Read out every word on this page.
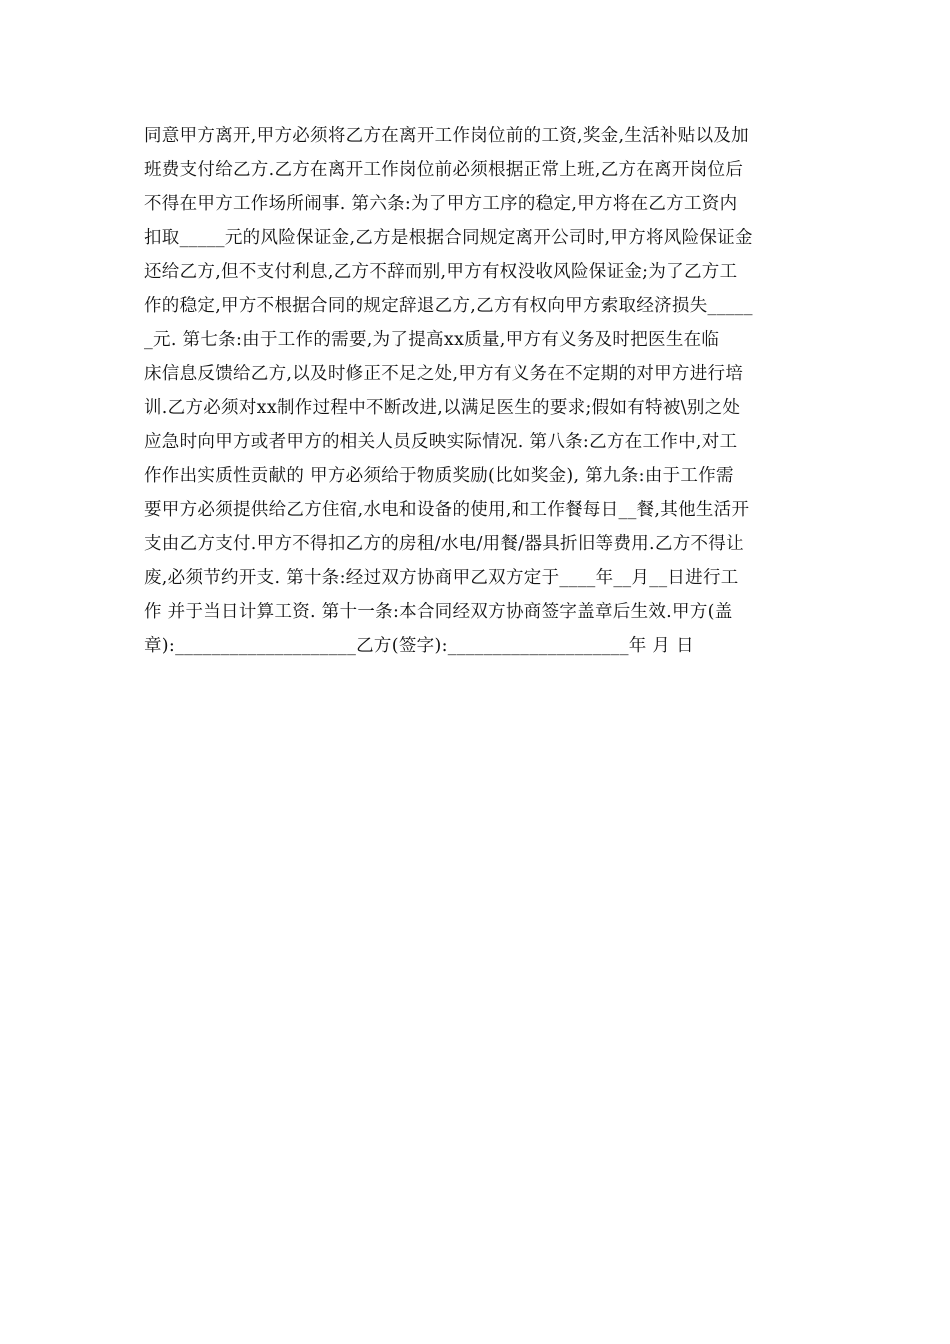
同意甲方离开,甲方必须将乙方在离开工作岗位前的工资,奖金,生活补贴以及加
班费支付给乙方.乙方在离开工作岗位前必须根据正常上班,乙方在离开岗位后
不得在甲方工作场所闹事. 第六条:为了甲方工序的稳定,甲方将在乙方工资内
扣取_____元的风险保证金,乙方是根据合同规定离开公司时,甲方将风险保证金
还给乙方,但不支付利息,乙方不辞而别,甲方有权没收风险保证金;为了乙方工
作的稳定,甲方不根据合同的规定辞退乙方,乙方有权向甲方索取经济损失_____
_元. 第七条:由于工作的需要,为了提高xx质量,甲方有义务及时把医生在临
床信息反馈给乙方,以及时修正不足之处,甲方有义务在不定期的对甲方进行培
训.乙方必须对xx制作过程中不断改进,以满足医生的要求;假如有特被\别之处
应急时向甲方或者甲方的相关人员反映实际情况. 第八条:乙方在工作中,对工
作作出实质性贡献的 甲方必须给于物质奖励(比如奖金), 第九条:由于工作需
要甲方必须提供给乙方住宿,水电和设备的使用,和工作餐每日__餐,其他生活开
支由乙方支付.甲方不得扣乙方的房租/水电/用餐/器具折旧等费用.乙方不得让
废,必须节约开支. 第十条:经过双方协商甲乙双方定于____年__月__日进行工
作 并于当日计算工资. 第十一条:本合同经双方协商签字盖章后生效.甲方(盖
章):____________________乙方(签字):____________________年 月 日
